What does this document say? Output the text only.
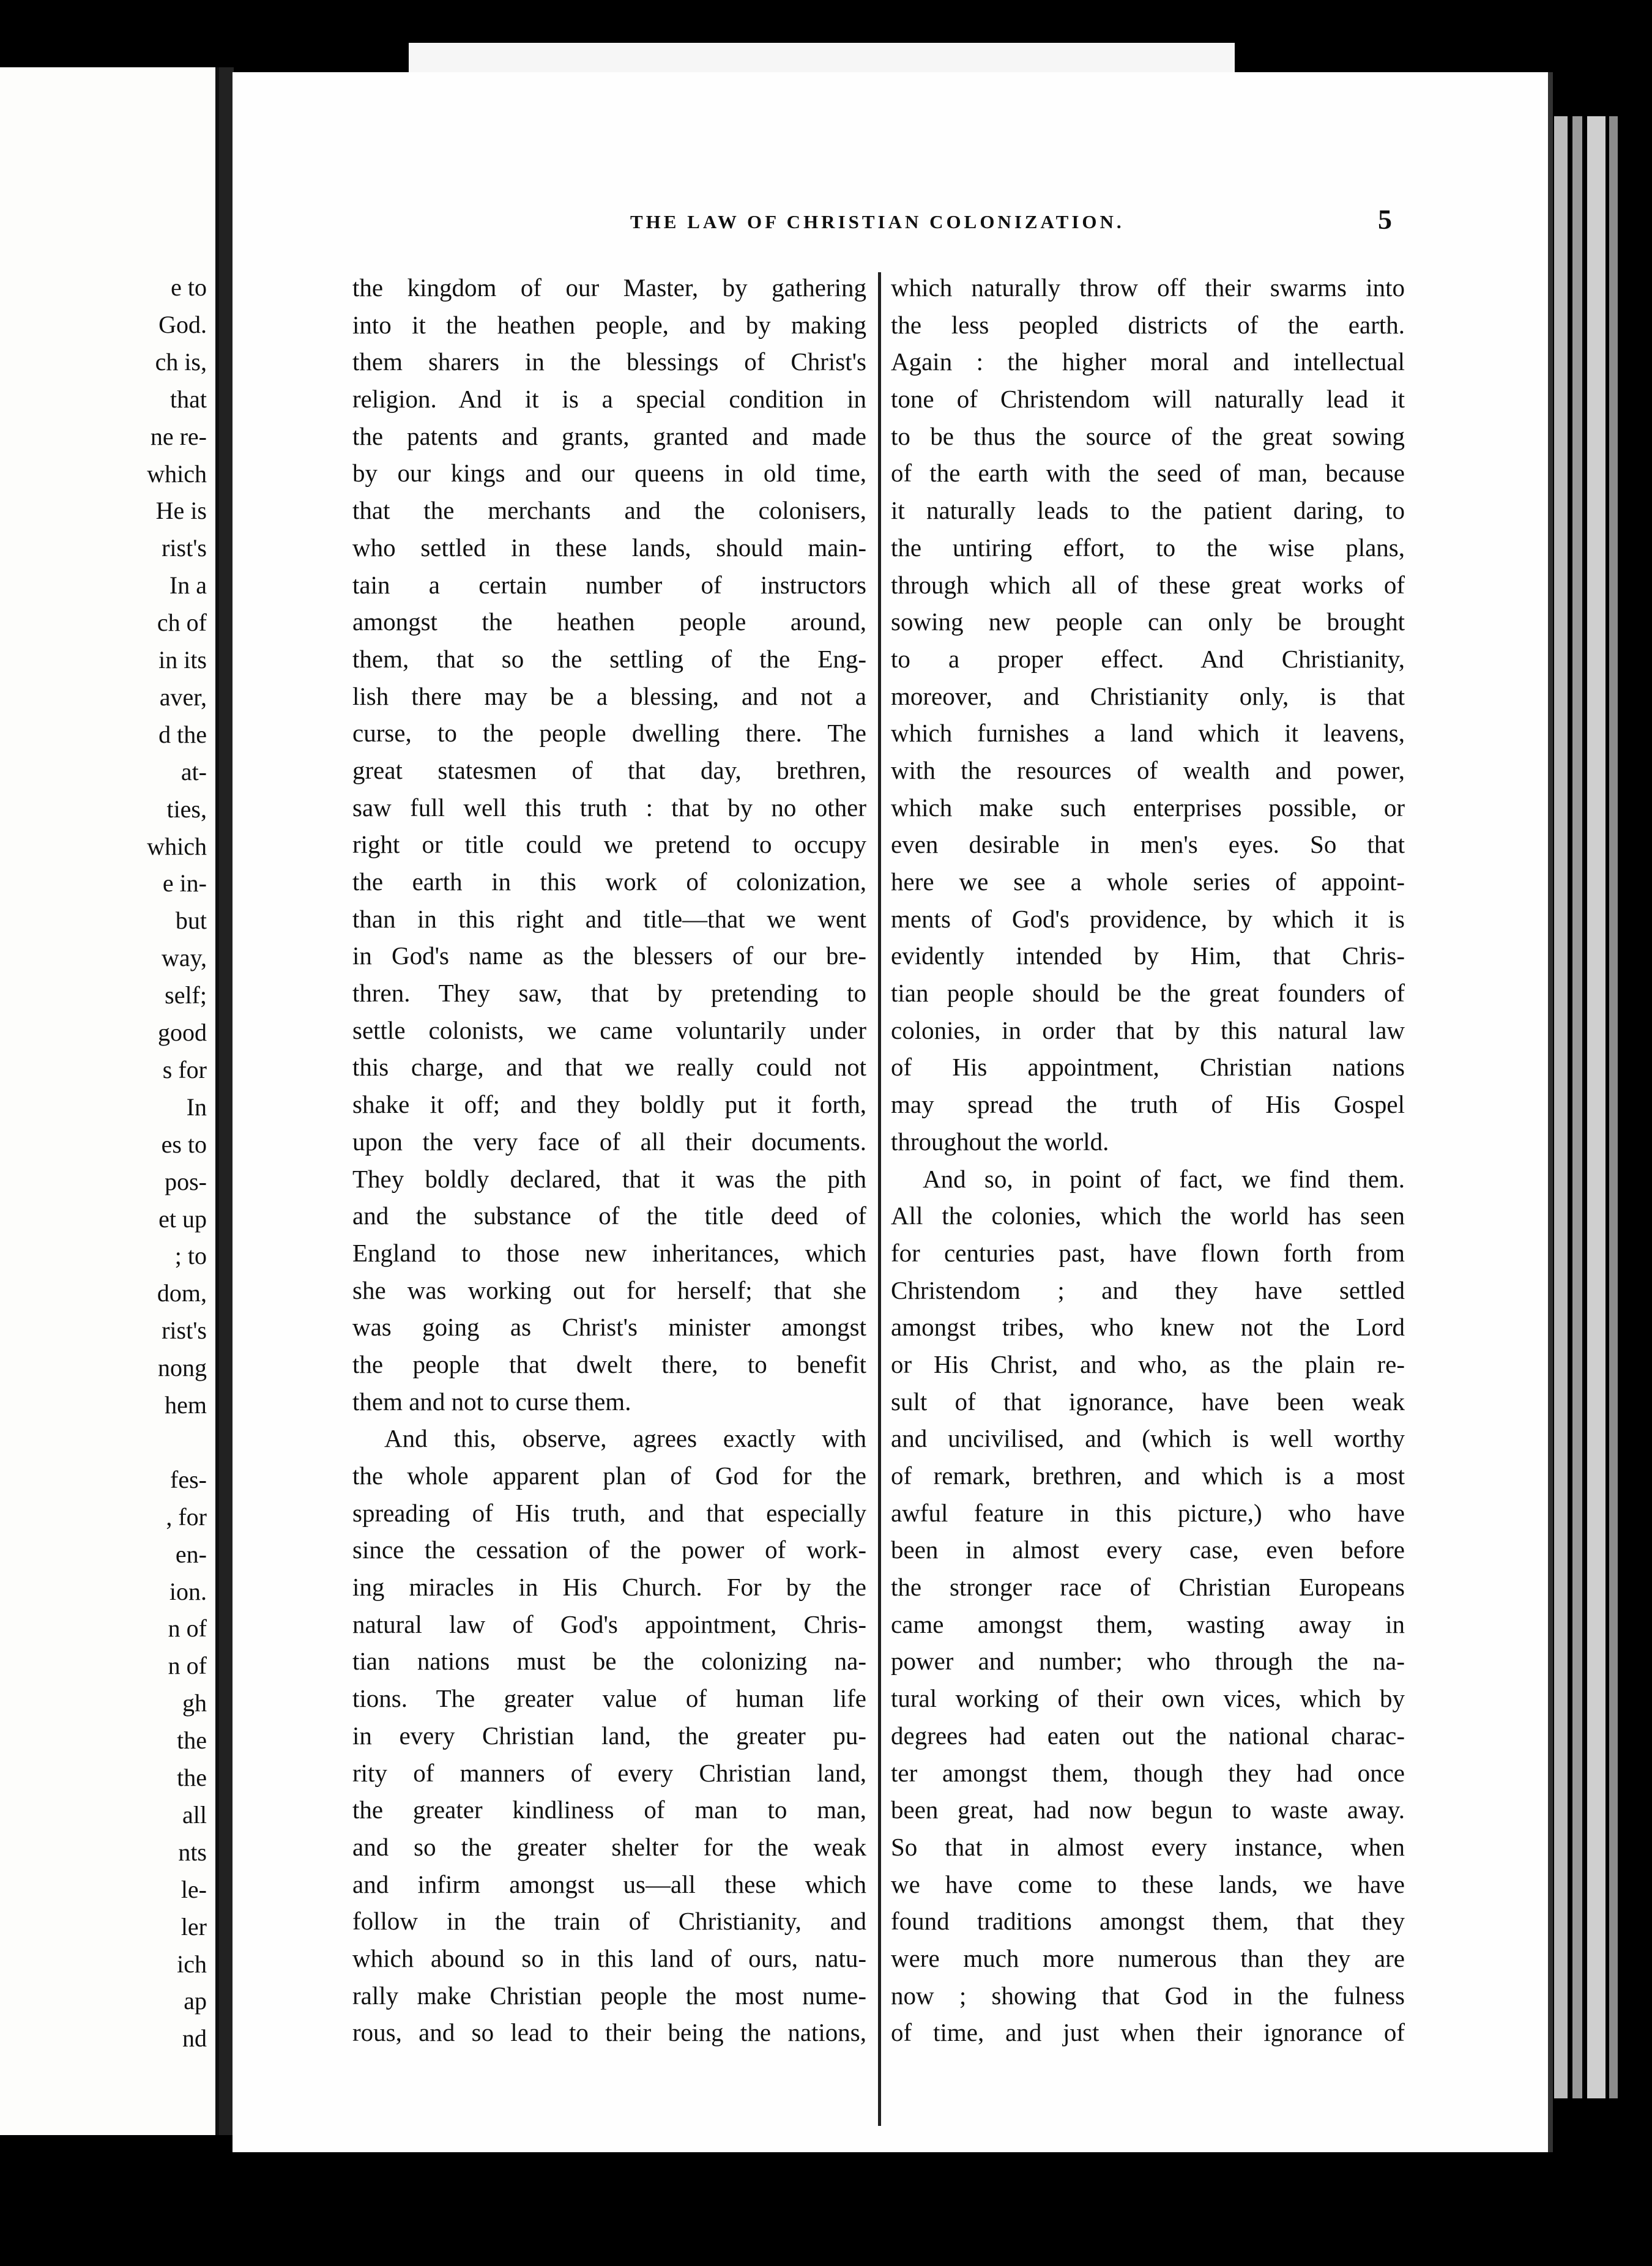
e to
God.
ch is,
that
ne re-
which
He is
rist's
In a
ch of
in its
aver,
d the
at-
ties,
which
e in-
but
way,
self;
good
s for
In
es to
pos-
et up
; to
dom,
rist's
nong
hem
fes-
, for
en-
ion.
n of
n of
gh
the
the
all
nts
le-
ler
ich
ap
nd
THE LAW OF CHRISTIAN COLONIZATION.	5
the kingdom of our Master, by gathering
into it the heathen people, and by making
them sharers in the blessings of Christ's
religion. And it is a special condition in
the patents and grants, granted and made
by our kings and our queens in old time,
that the merchants and the colonisers,
who settled in these lands, should main-
tain a certain number of instructors
amongst the heathen people around,
them, that so the settling of the Eng-
lish there may be a blessing, and not a
curse, to the people dwelling there. The
great statesmen of that day, brethren,
saw full well this truth : that by no other
right or title could we pretend to occupy
the earth in this work of colonization,
than in this right and title—that we went
in God's name as the blessers of our bre-
thren. They saw, that by pretending to
settle colonists, we came voluntarily under
this charge, and that we really could not
shake it off; and they boldly put it forth,
upon the very face of all their documents.
They boldly declared, that it was the pith
and the substance of the title deed of
England to those new inheritances, which
she was working out for herself; that she
was going as Christ's minister amongst
the people that dwelt there, to benefit
them and not to curse them.
And this, observe, agrees exactly with
the whole apparent plan of God for the
spreading of His truth, and that especially
since the cessation of the power of work-
ing miracles in His Church. For by the
natural law of God's appointment, Chris-
tian nations must be the colonizing na-
tions. The greater value of human life
in every Christian land, the greater pu-
rity of manners of every Christian land,
the greater kindliness of man to man,
and so the greater shelter for the weak
and infirm amongst us—all these which
follow in the train of Christianity, and
which abound so in this land of ours, natu-
rally make Christian people the most nume-
rous, and so lead to their being the nations,
which naturally throw off their swarms into
the less peopled districts of the earth.
Again : the higher moral and intellectual
tone of Christendom will naturally lead it
to be thus the source of the great sowing
of the earth with the seed of man, because
it naturally leads to the patient daring, to
the untiring effort, to the wise plans,
through which all of these great works of
sowing new people can only be brought
to a proper effect. And Christianity,
moreover, and Christianity only, is that
which furnishes a land which it leavens,
with the resources of wealth and power,
which make such enterprises possible, or
even desirable in men's eyes. So that
here we see a whole series of appoint-
ments of God's providence, by which it is
evidently intended by Him, that Chris-
tian people should be the great founders of
colonies, in order that by this natural law
of His appointment, Christian nations
may spread the truth of His Gospel
throughout the world.
And so, in point of fact, we find them.
All the colonies, which the world has seen
for centuries past, have flown forth from
Christendom ; and they have settled
amongst tribes, who knew not the Lord
or His Christ, and who, as the plain re-
sult of that ignorance, have been weak
and uncivilised, and (which is well worthy
of remark, brethren, and which is a most
awful feature in this picture,) who have
been in almost every case, even before
the stronger race of Christian Europeans
came amongst them, wasting away in
power and number; who through the na-
tural working of their own vices, which by
degrees had eaten out the national charac-
ter amongst them, though they had once
been great, had now begun to waste away.
So that in almost every instance, when
we have come to these lands, we have
found traditions amongst them, that they
were much more numerous than they are
now ; showing that God in the fulness
of time, and just when their ignorance of
